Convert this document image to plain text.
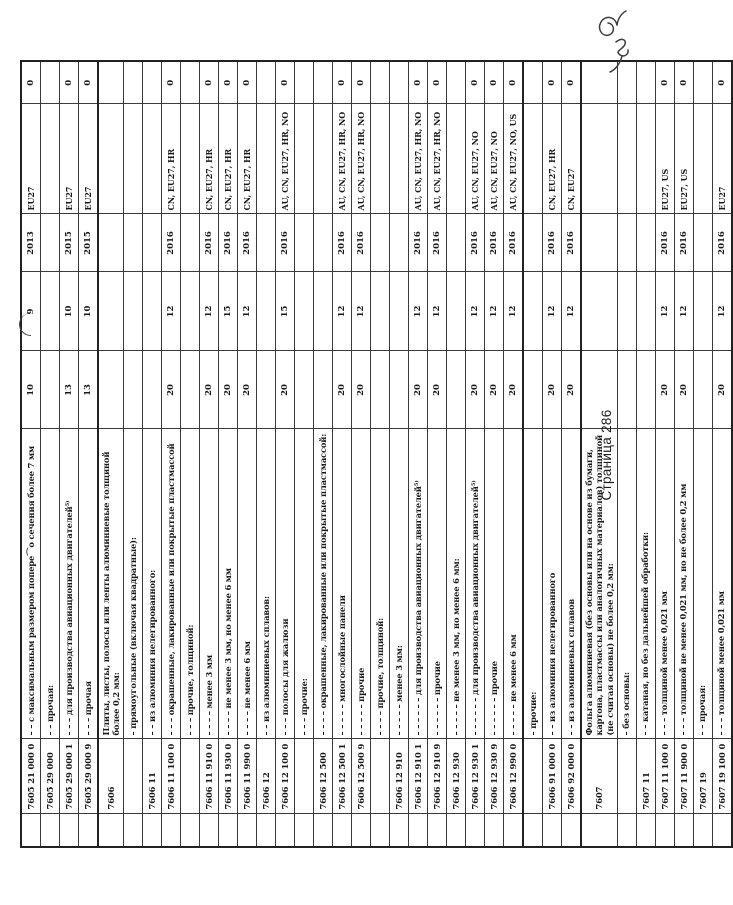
	7605 21 000 0	– – с максимальным размером попере⌒о сечения более 7 мм	10	9	2013	EU27	0
	7605 29 000	– – прочая:					
	7605 29 000 1	– – – для производства авиационных двигателей⁵⁾	13	10	2015	EU27	0
	7605 29 000 9	– – – прочая	13	10	2015	EU27	0
	7606	Плиты, листы, полосы или ленты алюминиевые толщиной более 0,2 мм:					
		– прямоугольные (включая квадратные):					
	7606 11	– – из алюминия нелегированного:					
	7606 11 100 0	– – – окрашенные, лакированные или покрытые пластмассой	20	12	2016	CN, EU27, HR	0
		– – – прочие, толщиной:					
	7606 11 910 0	– – – – менее 3 мм	20	12	2016	CN, EU27, HR	0
	7606 11 930 0	– – – – не менее 3 мм, но менее 6 мм	20	15	2016	CN, EU27, HR	0
	7606 11 990 0	– – – – не менее 6 мм	20	12	2016	CN, EU27, HR	0
	7606 12	– – из алюминиевых сплавов:					
	7606 12 100 0	– – – полосы для жалюзи	20	15	2016	AU, CN, EU27, HR, NO	0
		– – – прочие:					
	7606 12 500	– – – – окрашенные, лакированные или покрытые пластмассой:					
	7606 12 500 1	– – – – – многослойные панели	20	12	2016	AU, CN, EU27, HR, NO	0
	7606 12 500 9	– – – – – прочие	20	12	2016	AU, CN, EU27, HR, NO	0
		– – – – прочие, толщиной:					
	7606 12 910	– – – – – менее 3 мм:					
	7606 12 910 1	– – – – – – для производства авиационных двигателей⁵⁾	20	12	2016	AU, CN, EU27, HR, NO	0
	7606 12 910 9	– – – – – – прочие	20	12	2016	AU, CN, EU27, HR, NO	0
	7606 12 930	– – – – – не менее 3 мм, но менее 6 мм:					
	7606 12 930 1	– – – – – – для производства авиационных двигателей⁵⁾	20	12	2016	AU, CN, EU27, NO	0
	7606 12 930 9	– – – – – – прочие	20	12	2016	AU, CN, EU27, NO	0
	7606 12 990 0	– – – – – не менее 6 мм	20	12	2016	AU, CN, EU27, NO, US	0
		– прочие:					
	7606 91 000 0	– – из алюминия нелегированного	20	12	2016	CN, EU27, HR	0
	7606 92 000 0	– – из алюминиевых сплавов	20	12	2016	CN, EU27	0
	7607	Фольга алюминиевая (без основы или на основе из бумаги, картона, пластмассы или аналогичных материалов) толщиной (не считая основы) не более 0,2 мм:					
		– без основы:					
	7607 11	– – катаная, но без дальнейшей обработки:					
	7607 11 100 0	– – – толщиной менее 0,021 мм	20	12	2016	EU27, US	0
	7607 11 900 0	– – – толщиной не менее 0,021 мм, но не более 0,2 мм	20	12	2016	EU27, US	0
	7607 19	– – прочая:					
	7607 19 100 0	– – – толщиной менее 0,021 мм	20	12	2016	EU27	0
Страница 286
